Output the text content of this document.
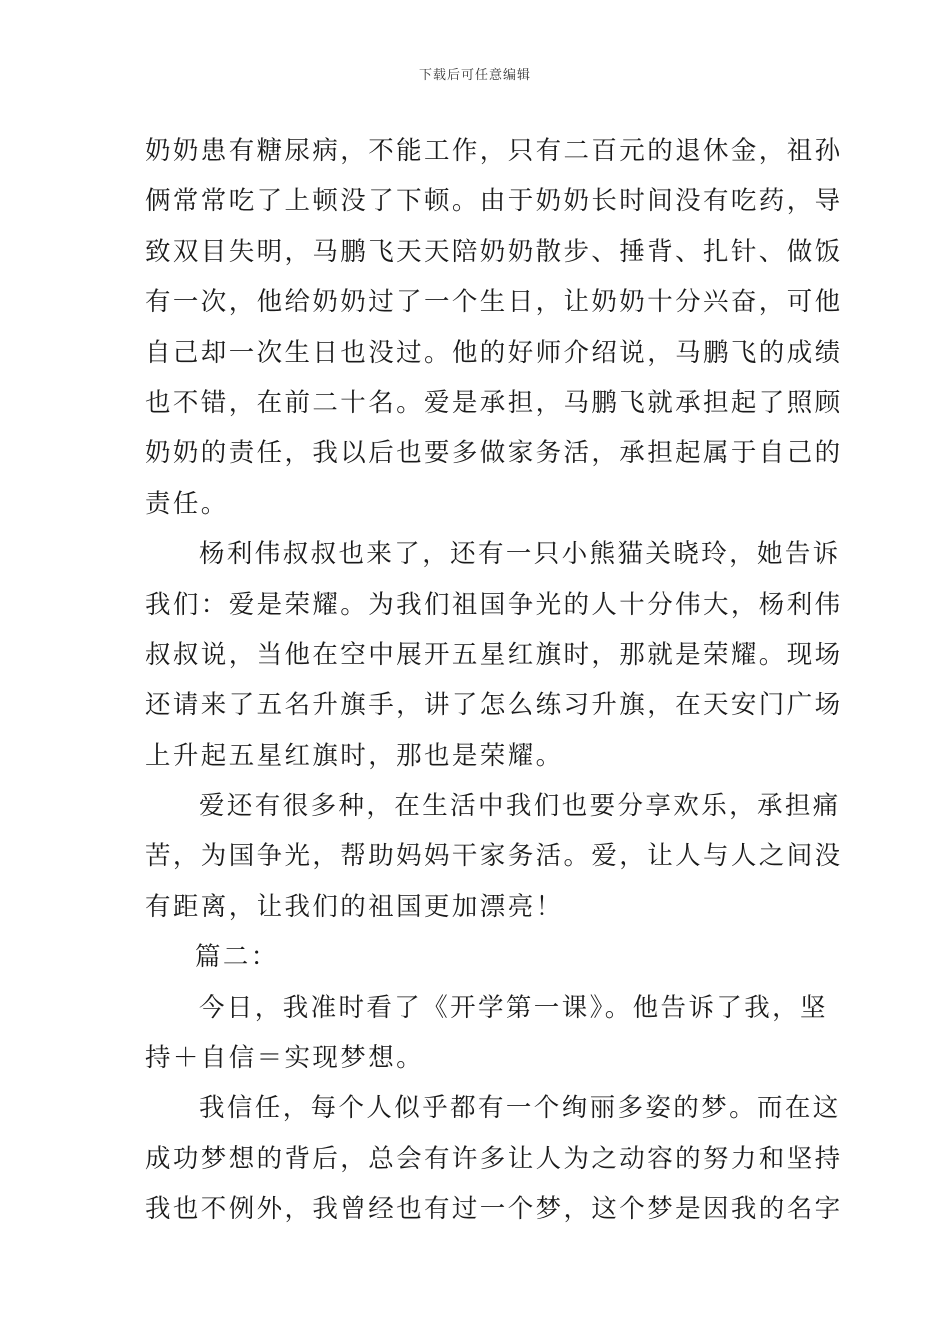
下载后可任意编辑
奶奶患有糖尿病，不能工作，只有二百元的退休金，祖孙
俩常常吃了上顿没了下顿。由于奶奶长时间没有吃药，导
致双目失明，马鹏飞天天陪奶奶散步、捶背、扎针、做饭
有一次，他给奶奶过了一个生日，让奶奶十分兴奋，可他
自己却一次生日也没过。他的好师介绍说，马鹏飞的成绩
也不错，在前二十名。爱是承担，马鹏飞就承担起了照顾
奶奶的责任，我以后也要多做家务活，承担起属于自己的
责任。
杨利伟叔叔也来了，还有一只小熊猫关晓玲，她告诉
我们：爱是荣耀。为我们祖国争光的人十分伟大，杨利伟
叔叔说，当他在空中展开五星红旗时，那就是荣耀。现场
还请来了五名升旗手，讲了怎么练习升旗，在天安门广场
上升起五星红旗时，那也是荣耀。
爱还有很多种，在生活中我们也要分享欢乐，承担痛
苦，为国争光，帮助妈妈干家务活。爱，让人与人之间没
有距离，让我们的祖国更加漂亮！
篇二：
今日，我准时看了《开学第一课》。他告诉了我，坚
持＋自信＝实现梦想。
我信任，每个人似乎都有一个绚丽多姿的梦。而在这
成功梦想的背后，总会有许多让人为之动容的努力和坚持
我也不例外，我曾经也有过一个梦，这个梦是因我的名字
